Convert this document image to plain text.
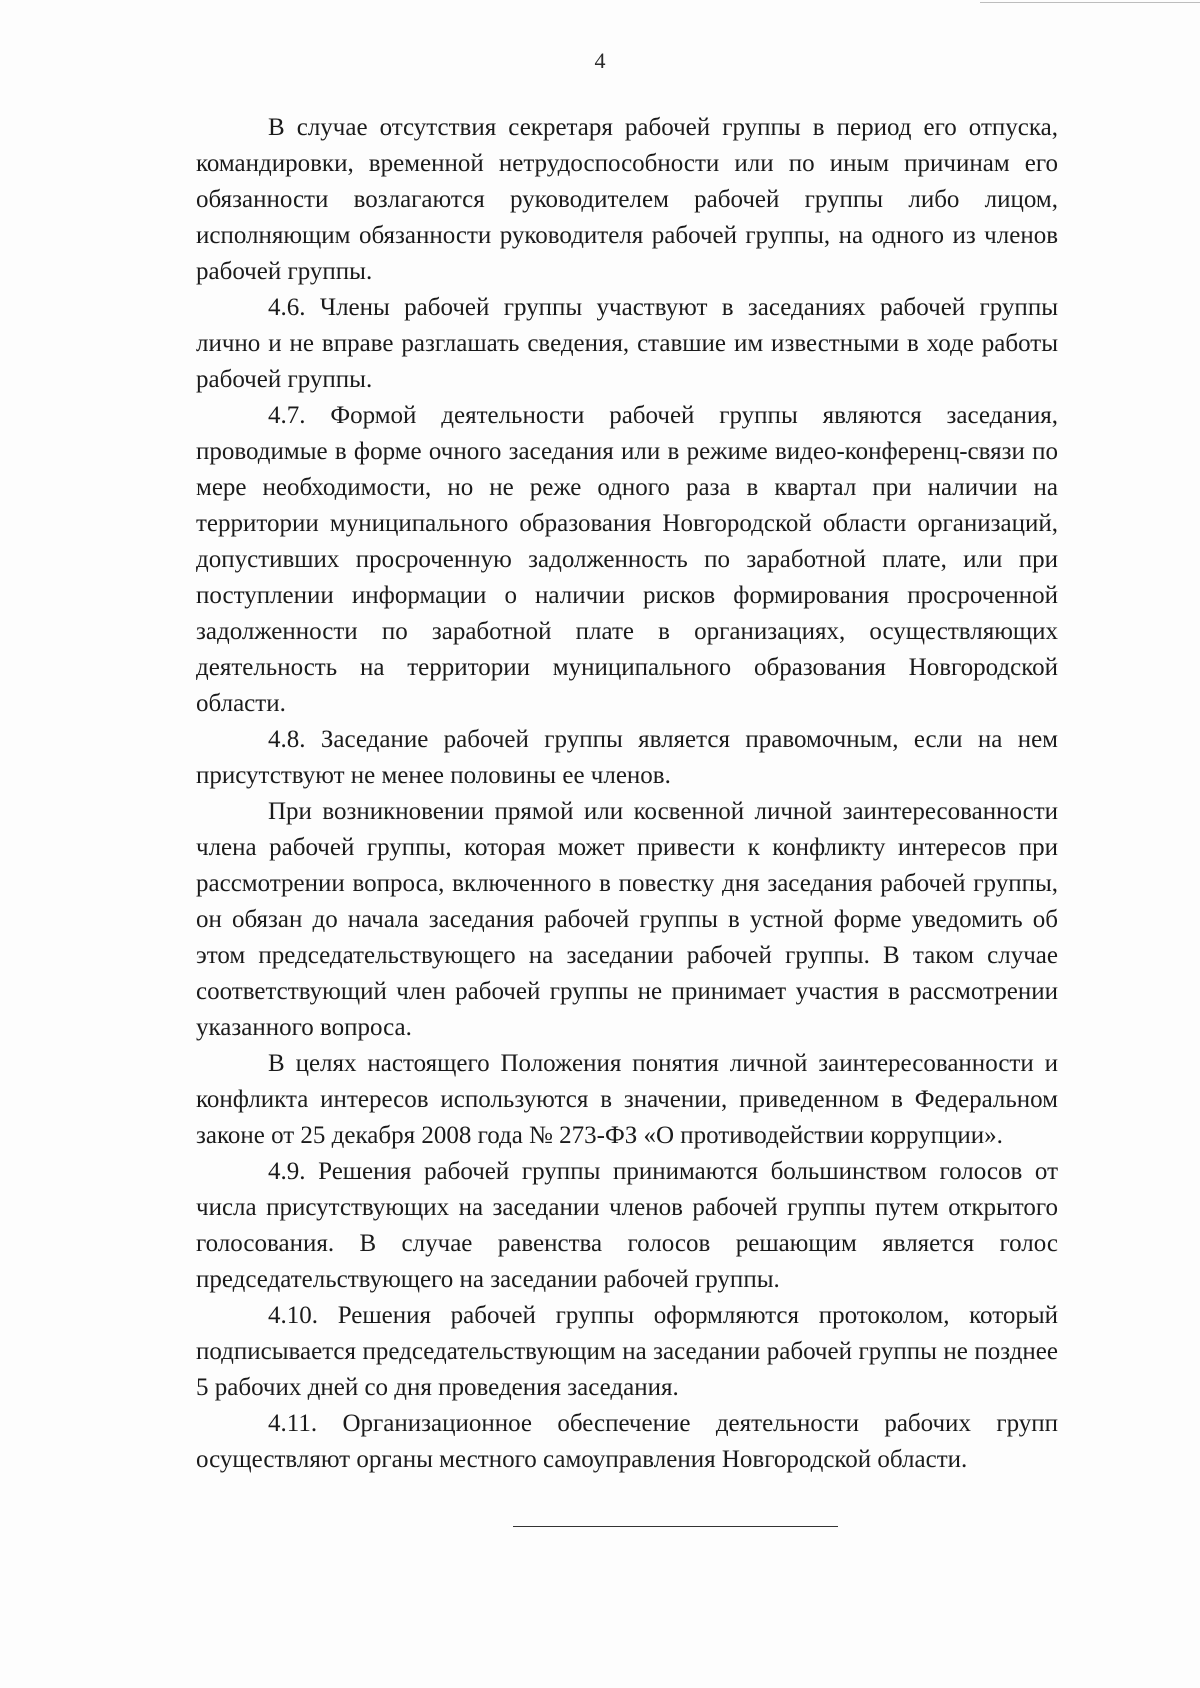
4

В случае отсутствия секретаря рабочей группы в период его отпуска, командировки, временной нетрудоспособности или по иным причинам его обязанности возлагаются руководителем рабочей группы либо лицом, исполняющим обязанности руководителя рабочей группы, на одного из членов рабочей группы.

4.6. Члены рабочей группы участвуют в заседаниях рабочей группы лично и не вправе разглашать сведения, ставшие им известными в ходе работы рабочей группы.

4.7. Формой деятельности рабочей группы являются заседания, проводимые в форме очного заседания или в режиме видео-конференц-связи по мере необходимости, но не реже одного раза в квартал при наличии на территории муниципального образования Новгородской области организаций, допустивших просроченную задолженность по заработной плате, или при поступлении информации о наличии рисков формирования просроченной задолженности по заработной плате в организациях, осуществляющих деятельность на территории муниципального образования Новгородской области.

4.8. Заседание рабочей группы является правомочным, если на нем присутствуют не менее половины ее членов.

При возникновении прямой или косвенной личной заинтересованности члена рабочей группы, которая может привести к конфликту интересов при рассмотрении вопроса, включенного в повестку дня заседания рабочей группы, он обязан до начала заседания рабочей группы в устной форме уведомить об этом председательствующего на заседании рабочей группы. В таком случае соответствующий член рабочей группы не принимает участия в рассмотрении указанного вопроса.

В целях настоящего Положения понятия личной заинтересованности и конфликта интересов используются в значении, приведенном в Федеральном законе от 25 декабря 2008 года № 273-ФЗ «О противодействии коррупции».

4.9. Решения рабочей группы принимаются большинством голосов от числа присутствующих на заседании членов рабочей группы путем открытого голосования. В случае равенства голосов решающим является голос председательствующего на заседании рабочей группы.

4.10. Решения рабочей группы оформляются протоколом, который подписывается председательствующим на заседании рабочей группы не позднее 5 рабочих дней со дня проведения заседания.

4.11. Организационное обеспечение деятельности рабочих групп осуществляют органы местного самоуправления Новгородской области.
